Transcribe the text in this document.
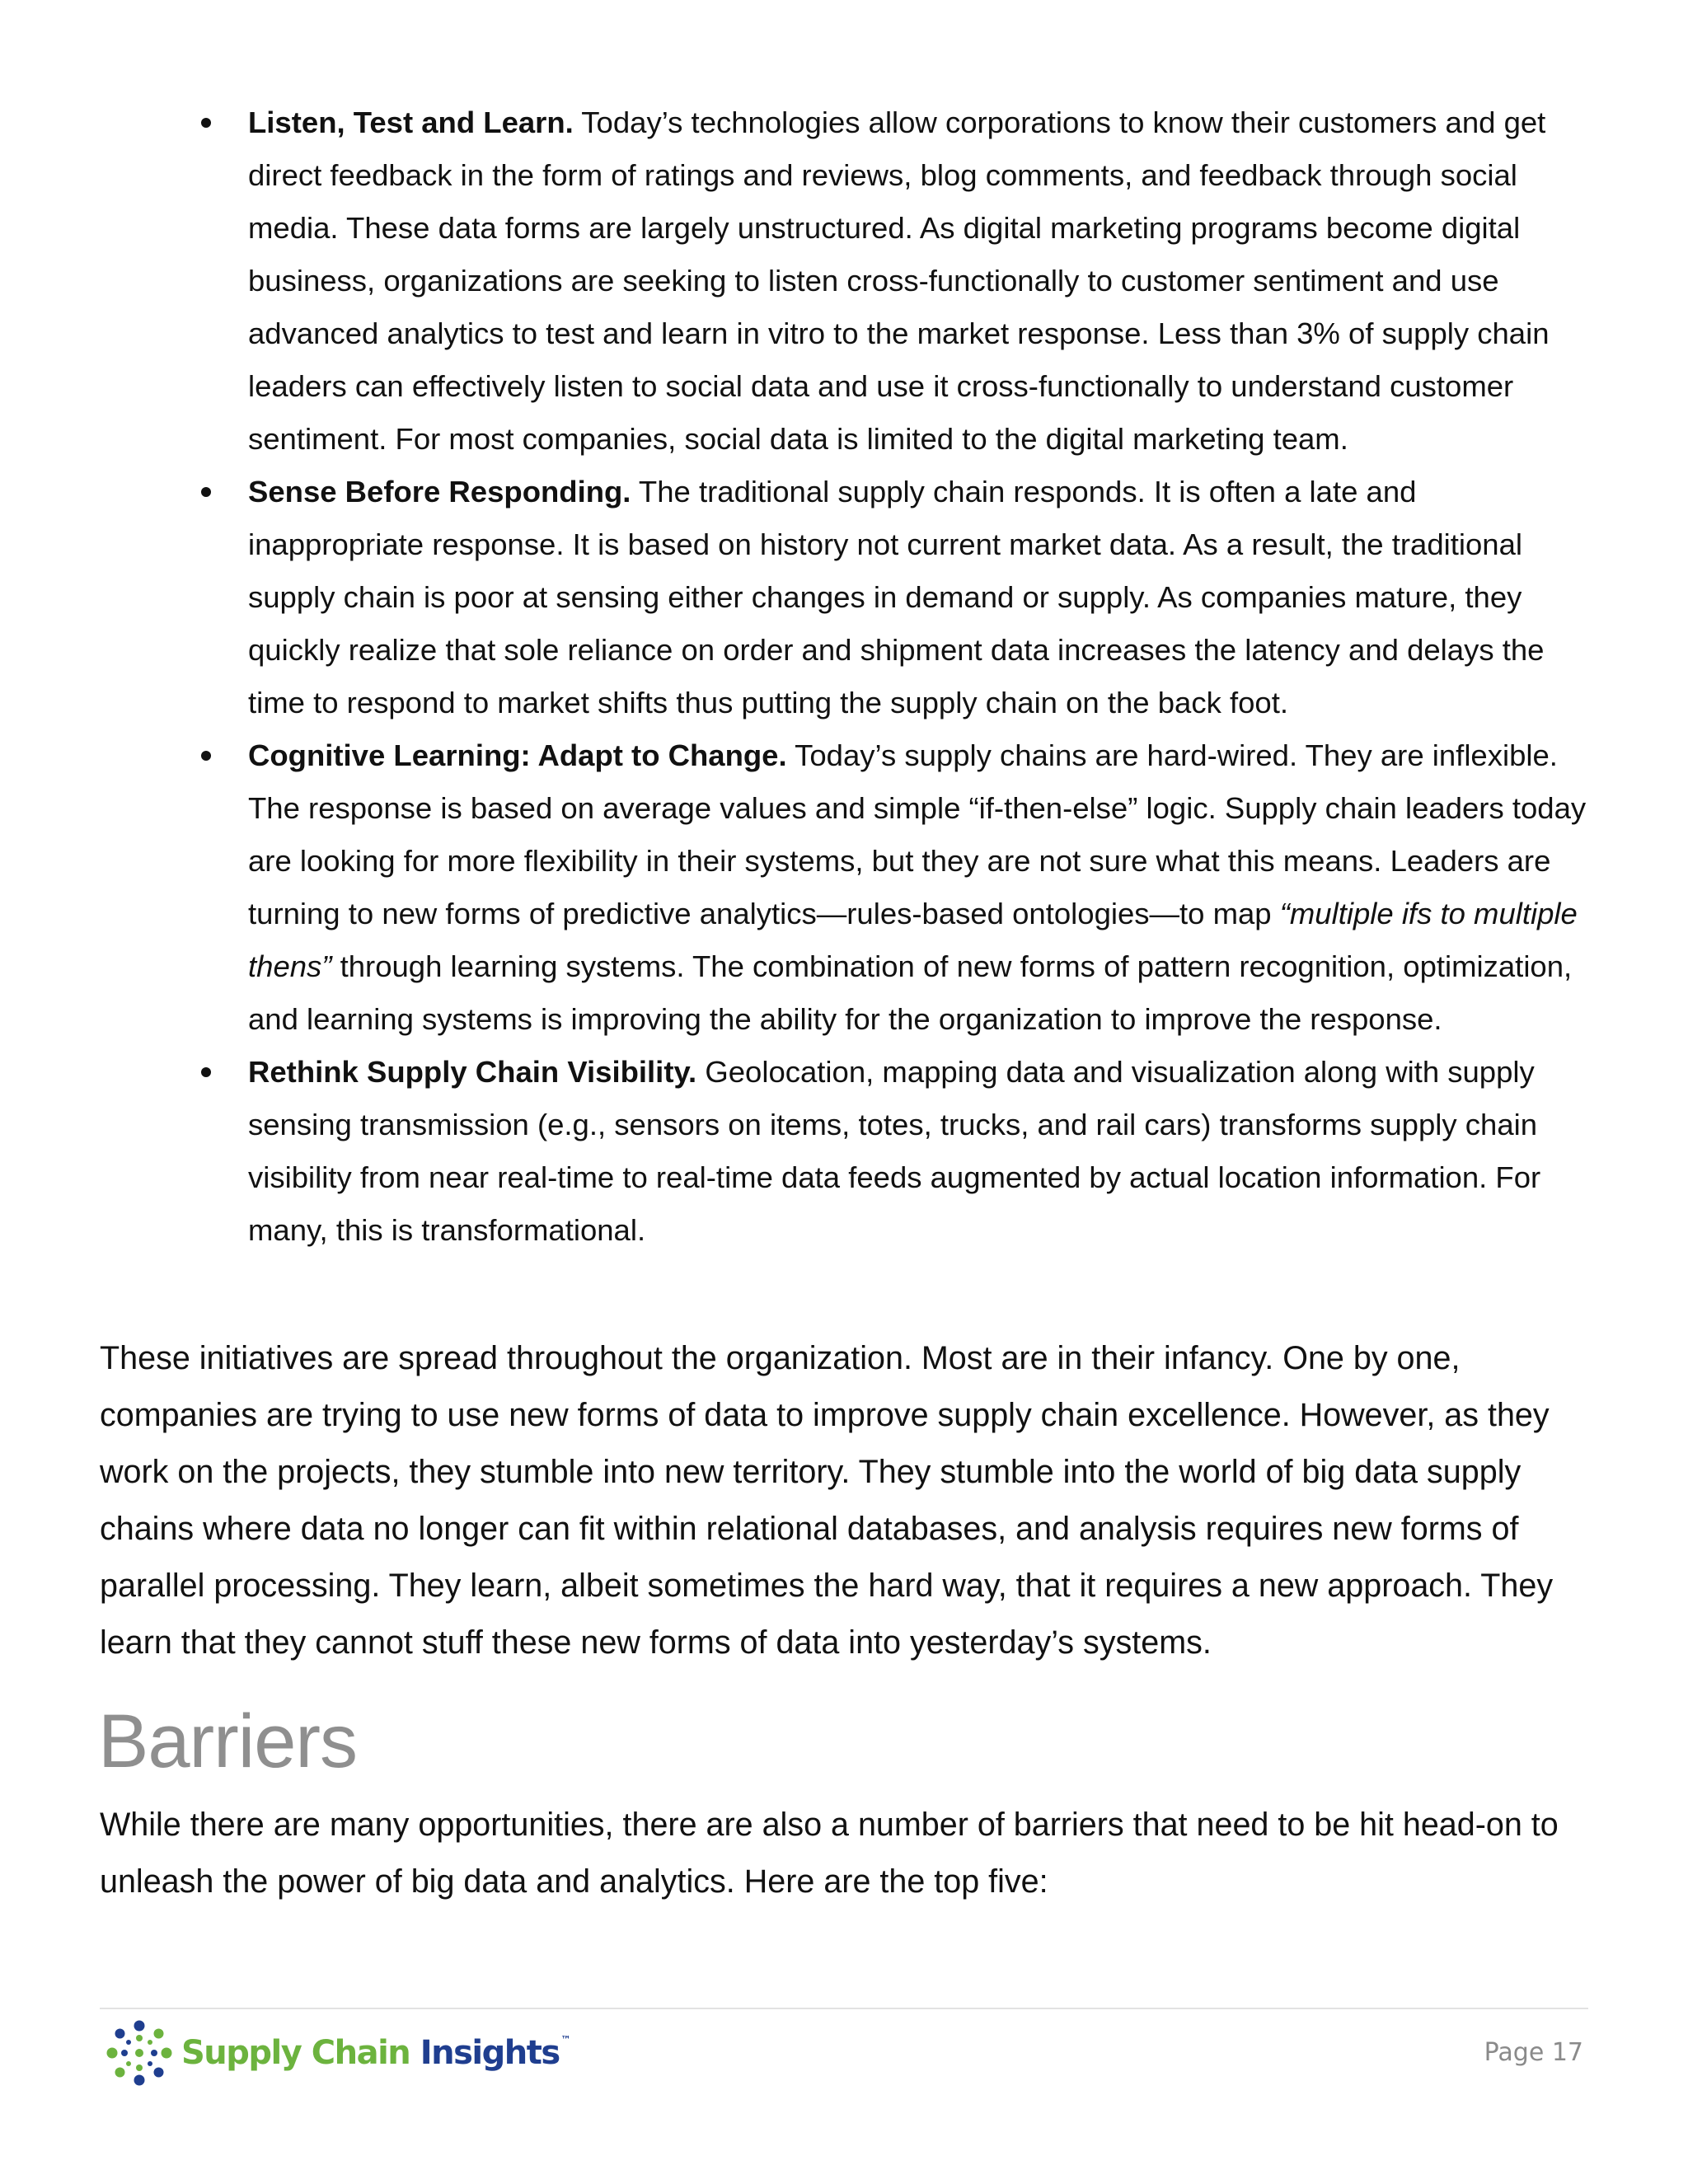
Listen, Test and Learn. Today’s technologies allow corporations to know their customers and get direct feedback in the form of ratings and reviews, blog comments, and feedback through social media. These data forms are largely unstructured. As digital marketing programs become digital business, organizations are seeking to listen cross-functionally to customer sentiment and use advanced analytics to test and learn in vitro to the market response. Less than 3% of supply chain leaders can effectively listen to social data and use it cross-functionally to understand customer sentiment. For most companies, social data is limited to the digital marketing team.
Sense Before Responding. The traditional supply chain responds. It is often a late and inappropriate response. It is based on history not current market data. As a result, the traditional supply chain is poor at sensing either changes in demand or supply. As companies mature, they quickly realize that sole reliance on order and shipment data increases the latency and delays the time to respond to market shifts thus putting the supply chain on the back foot.
Cognitive Learning: Adapt to Change. Today’s supply chains are hard-wired. They are inflexible. The response is based on average values and simple “if-then-else” logic. Supply chain leaders today are looking for more flexibility in their systems, but they are not sure what this means. Leaders are turning to new forms of predictive analytics—rules-based ontologies—to map “multiple ifs to multiple thens” through learning systems. The combination of new forms of pattern recognition, optimization, and learning systems is improving the ability for the organization to improve the response.
Rethink Supply Chain Visibility. Geolocation, mapping data and visualization along with supply sensing transmission (e.g., sensors on items, totes, trucks, and rail cars) transforms supply chain visibility from near real-time to real-time data feeds augmented by actual location information. For many, this is transformational.

These initiatives are spread throughout the organization. Most are in their infancy. One by one, companies are trying to use new forms of data to improve supply chain excellence. However, as they work on the projects, they stumble into new territory. They stumble into the world of big data supply chains where data no longer can fit within relational databases, and analysis requires new forms of parallel processing. They learn, albeit sometimes the hard way, that it requires a new approach. They learn that they cannot stuff these new forms of data into yesterday’s systems.

Barriers

While there are many opportunities, there are also a number of barriers that need to be hit head-on to unleash the power of big data and analytics. Here are the top five:

Supply Chain Insights ™	Page 17
